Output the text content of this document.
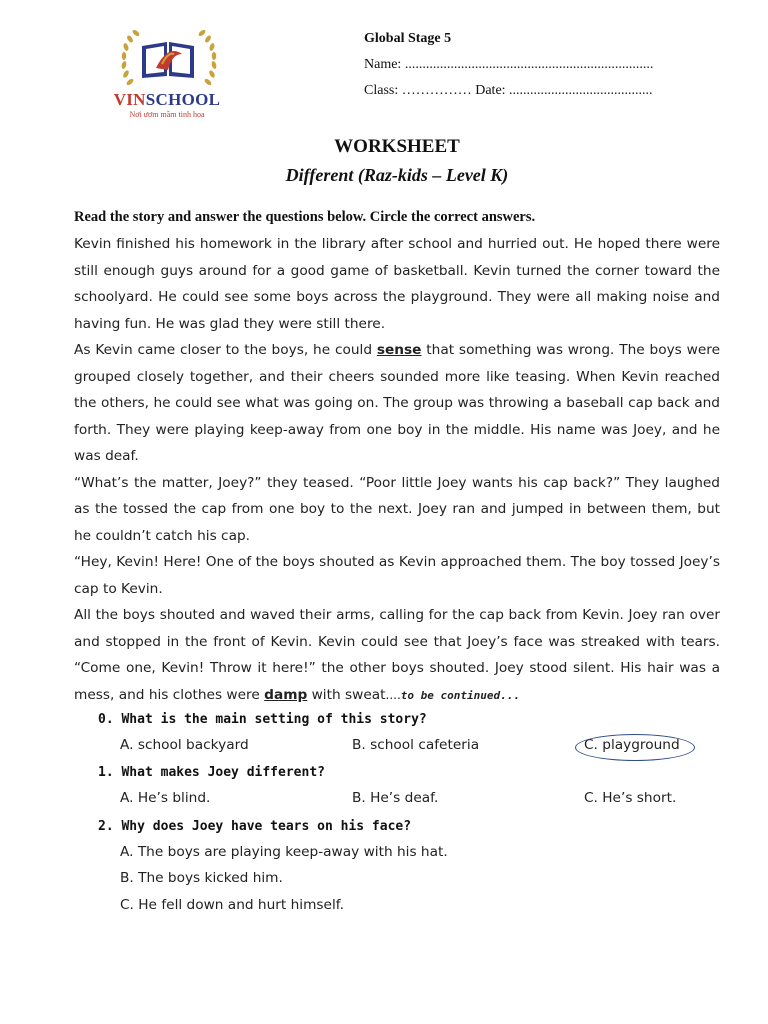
VINSCHOOL
Nơi ươm mầm tinh hoa
Global Stage 5
Name: .......................................................................
Class: …………… Date: .........................................
WORKSHEET
Different (Raz-kids – Level K)
Read the story and answer the questions below. Circle the correct answers.

Kevin finished his homework in the library after school and hurried out. He hoped there were still enough guys around for a good game of basketball. Kevin turned the corner toward the schoolyard. He could see some boys across the playground. They were all making noise and having fun. He was glad they were still there.

As Kevin came closer to the boys, he could sense that something was wrong. The boys were grouped closely together, and their cheers sounded more like teasing. When Kevin reached the others, he could see what was going on. The group was throwing a baseball cap back and forth. They were playing keep-away from one boy in the middle. His name was Joey, and he was deaf.

“What’s the matter, Joey?” they teased. “Poor little Joey wants his cap back?” They laughed as the tossed the cap from one boy to the next. Joey ran and jumped in between them, but he couldn’t catch his cap.

“Hey, Kevin! Here! One of the boys shouted as Kevin approached them. The boy tossed Joey’s cap to Kevin.

All the boys shouted and waved their arms, calling for the cap back from Kevin. Joey ran over and stopped in the front of Kevin. Kevin could see that Joey’s face was streaked with tears. “Come one, Kevin! Throw it here!” the other boys shouted. Joey stood silent. His hair was a mess, and his clothes were damp with sweat....to be continued...

0. What is the main setting of this story?
A. school backyard	B. school cafeteria	C. playground
1. What makes Joey different?
A. He’s blind.	B. He’s deaf.	C. He’s short.
2. Why does Joey have tears on his face?
A. The boys are playing keep-away with his hat.
B. The boys kicked him.
C. He fell down and hurt himself.
